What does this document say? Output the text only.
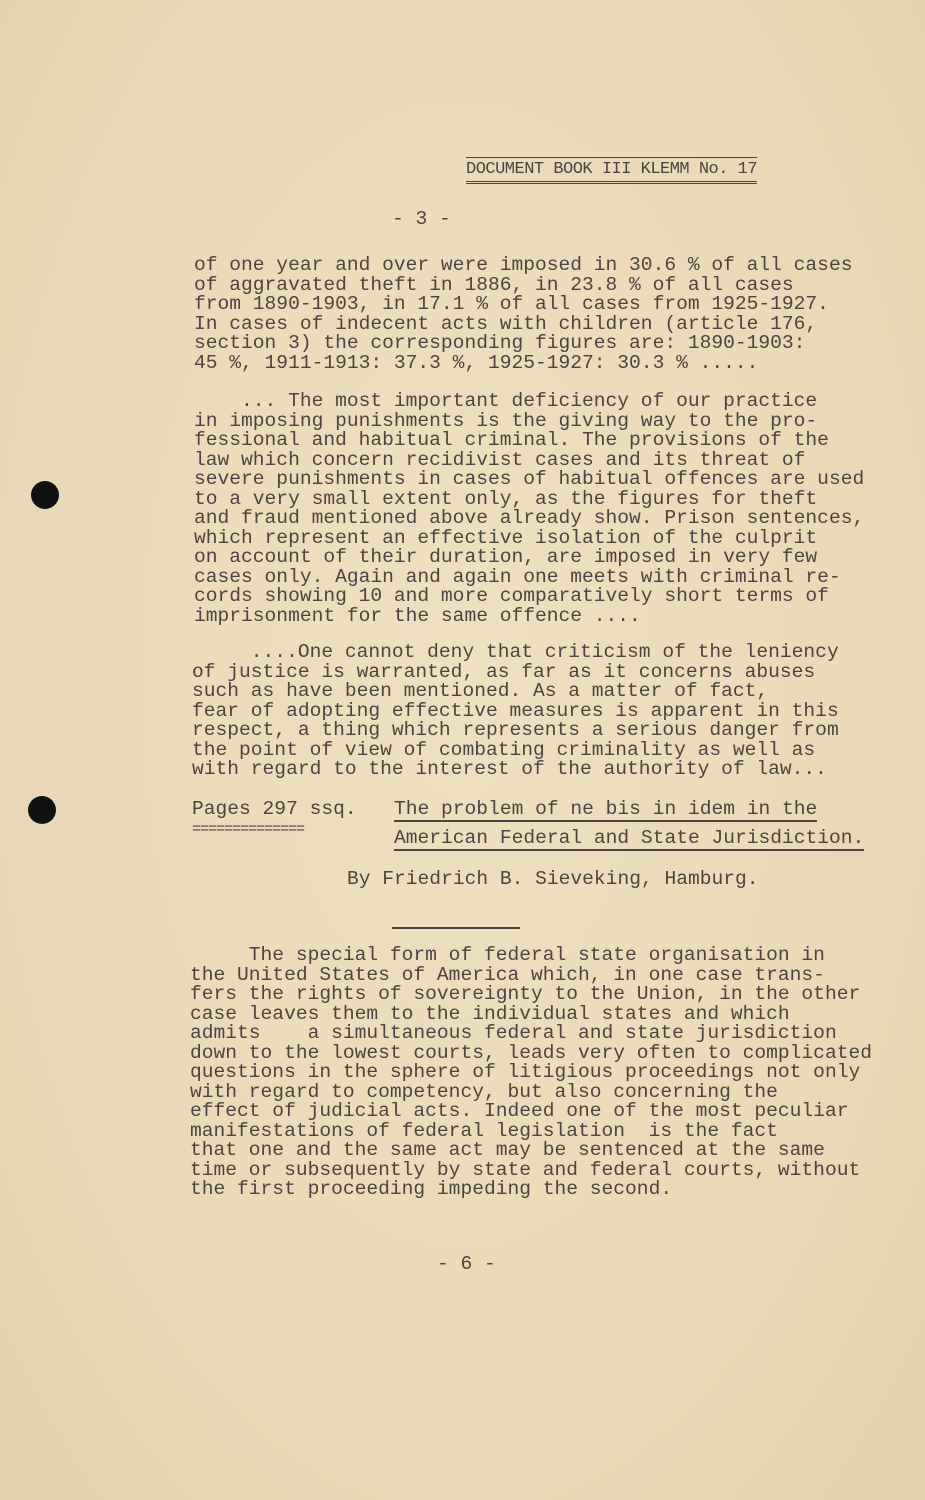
DOCUMENT BOOK III KLEMM No. 17
- 3 -
of one year and over were imposed in 30.6 % of all cases
of aggravated theft in 1886, in 23.8 % of all cases
from 1890-1903, in 17.1 % of all cases from 1925-1927.
In cases of indecent acts with children (article 176,
section 3) the corresponding figures are: 1890-1903:
45 %, 1911-1913: 37.3 %, 1925-1927: 30.3 % .....
... The most important deficiency of our practice
in imposing punishments is the giving way to the pro-
fessional and habitual criminal. The provisions of the
law which concern recidivist cases and its threat of
severe punishments in cases of habitual offences are used
to a very small extent only, as the figures for theft
and fraud mentioned above already show. Prison sentences,
which represent an effective isolation of the culprit
on account of their duration, are imposed in very few
cases only. Again and again one meets with criminal re-
cords showing 10 and more comparatively short terms of
imprisonment for the same offence ....
....One cannot deny that criticism of the leniency
of justice is warranted, as far as it concerns abuses
such as have been mentioned. As a matter of fact,
fear of adopting effective measures is apparent in this
respect, a thing which represents a serious danger from
the point of view of combating criminality as well as
with regard to the interest of the authority of law...
Pages 297 ssq.
==============
The problem of ne bis in idem in the
American Federal and State Jurisdiction.
By Friedrich B. Sieveking, Hamburg.
The special form of federal state organisation in
the United States of America which, in one case trans-
fers the rights of sovereignty to the Union, in the other
case leaves them to the individual states and which
admits    a simultaneous federal and state jurisdiction
down to the lowest courts, leads very often to complicated
questions in the sphere of litigious proceedings not only
with regard to competency, but also concerning the
effect of judicial acts. Indeed one of the most peculiar
manifestations of federal legislation  is the fact
that one and the same act may be sentenced at the same
time or subsequently by state and federal courts, without
the first proceeding impeding the second.
- 6 -
